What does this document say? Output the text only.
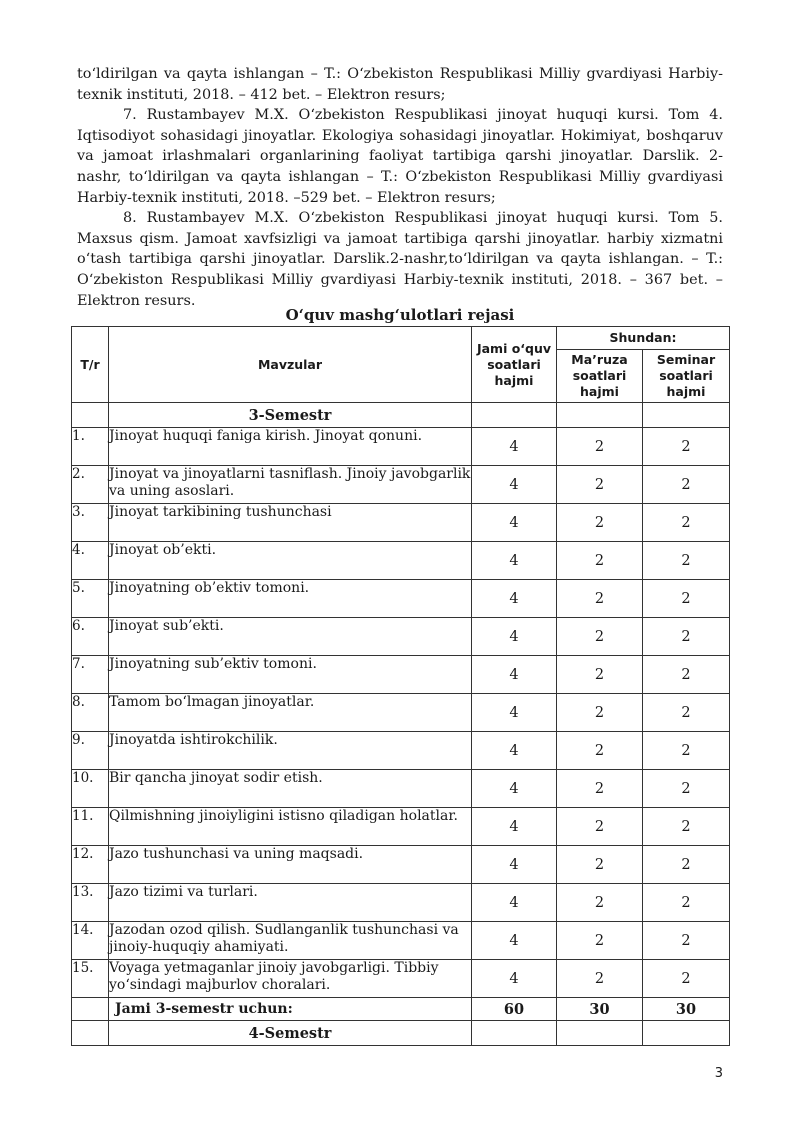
to‘ldirilgan va qayta ishlangan – T.: O‘zbekiston Respublikasi Milliy gvardiyasi Harbiy-texnik instituti, 2018. – 412 bet. – Elektron resurs;

7. Rustambayev M.X. O‘zbekiston Respublikasi jinoyat huquqi kursi. Tom 4. Iqtisodiyot sohasidagi jinoyatlar. Ekologiya sohasidagi jinoyatlar. Hokimiyat, boshqaruv va jamoat irlashmalari organlarining faoliyat tartibiga qarshi jinoyatlar. Darslik. 2-nashr, to‘ldirilgan va qayta ishlangan – T.: O‘zbekiston Respublikasi Milliy gvardiyasi Harbiy-texnik instituti, 2018. –529 bet. – Elektron resurs;

8. Rustambayev M.X. O‘zbekiston Respublikasi jinoyat huquqi kursi. Tom 5. Maxsus qism. Jamoat xavfsizligi va jamoat tartibiga qarshi jinoyatlar. harbiy xizmatni o‘tash tartibiga qarshi jinoyatlar. Darslik.2-nashr,to‘ldirilgan va qayta ishlangan. – T.: O‘zbekiston Respublikasi Milliy gvardiyasi Harbiy-texnik instituti, 2018. – 367 bet. – Elektron resurs.

O‘quv mashg‘ulotlari rejasi
T/r	Mavzular	Jami o‘quv soatlari hajmi	Shundan:	
			Ma’ruza soatlari hajmi	Seminar soatlari hajmi
	3-Semestr			
1.	Jinoyat huquqi faniga kirish. Jinoyat qonuni.	4	2	2
2.	Jinoyat va jinoyatlarni tasniflash. Jinoiy javobgarlik va uning asoslari.	4	2	2
3.	Jinoyat tarkibining tushunchasi	4	2	2
4.	Jinoyat ob’ekti.	4	2	2
5.	Jinoyatning ob’ektiv tomoni.	4	2	2
6.	Jinoyat sub’ekti.	4	2	2
7.	Jinoyatning sub’ektiv tomoni.	4	2	2
8.	Tamom bo‘lmagan jinoyatlar.	4	2	2
9.	Jinoyatda ishtirokchilik.	4	2	2
10.	Bir qancha jinoyat sodir etish.	4	2	2
11.	Qilmishning jinoiyligini istisno qiladigan holatlar.	4	2	2
12.	Jazo tushunchasi va uning maqsadi.	4	2	2
13.	Jazo tizimi va turlari.	4	2	2
14.	Jazodan ozod qilish. Sudlanganlik tushunchasi va jinoiy-huquqiy ahamiyati.	4	2	2
15.	Voyaga yetmaganlar jinoiy javobgarligi. Tibbiy yo‘sindagi majburlov choralari.	4	2	2
	Jami 3-semestr uchun:	60	30	30
	4-Semestr			
3
